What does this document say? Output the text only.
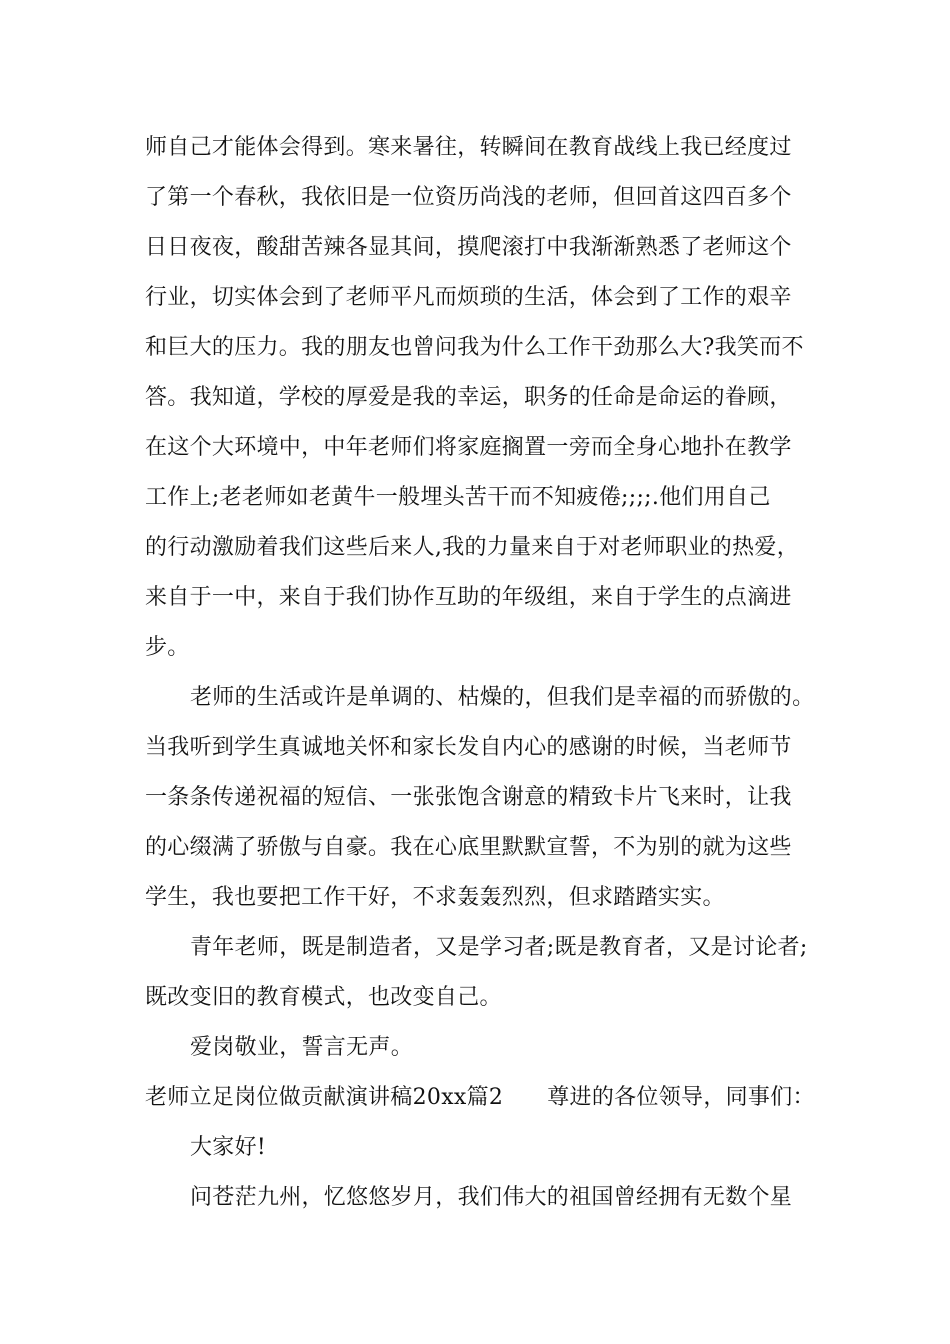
师自己才能体会得到。寒来暑往，转瞬间在教育战线上我已经度过
了第一个春秋，我依旧是一位资历尚浅的老师，但回首这四百多个
日日夜夜，酸甜苦辣各显其间，摸爬滚打中我渐渐熟悉了老师这个
行业，切实体会到了老师平凡而烦琐的生活，体会到了工作的艰辛
和巨大的压力。我的朋友也曾问我为什么工作干劲那么大?我笑而不
答。我知道，学校的厚爱是我的幸运，职务的任命是命运的眷顾，
在这个大环境中，中年老师们将家庭搁置一旁而全身心地扑在教学
工作上;老老师如老黄牛一般埋头苦干而不知疲倦;;;;.他们用自己
的行动激励着我们这些后来人,我的力量来自于对老师职业的热爱，
来自于一中，来自于我们协作互助的年级组，来自于学生的点滴进
步。
老师的生活或许是单调的、枯燥的，但我们是幸福的而骄傲的。
当我听到学生真诚地关怀和家长发自内心的感谢的时候，当老师节
一条条传递祝福的短信、一张张饱含谢意的精致卡片飞来时，让我
的心缀满了骄傲与自豪。我在心底里默默宣誓，不为别的就为这些
学生，我也要把工作干好，不求轰轰烈烈，但求踏踏实实。
青年老师，既是制造者，又是学习者;既是教育者，又是讨论者;
既改变旧的教育模式，也改变自己。
爱岗敬业，誓言无声。
老师立足岗位做贡献演讲稿20xx篇2 尊进的各位领导，同事们：
大家好!
问苍茫九州，忆悠悠岁月，我们伟大的祖国曾经拥有无数个星
